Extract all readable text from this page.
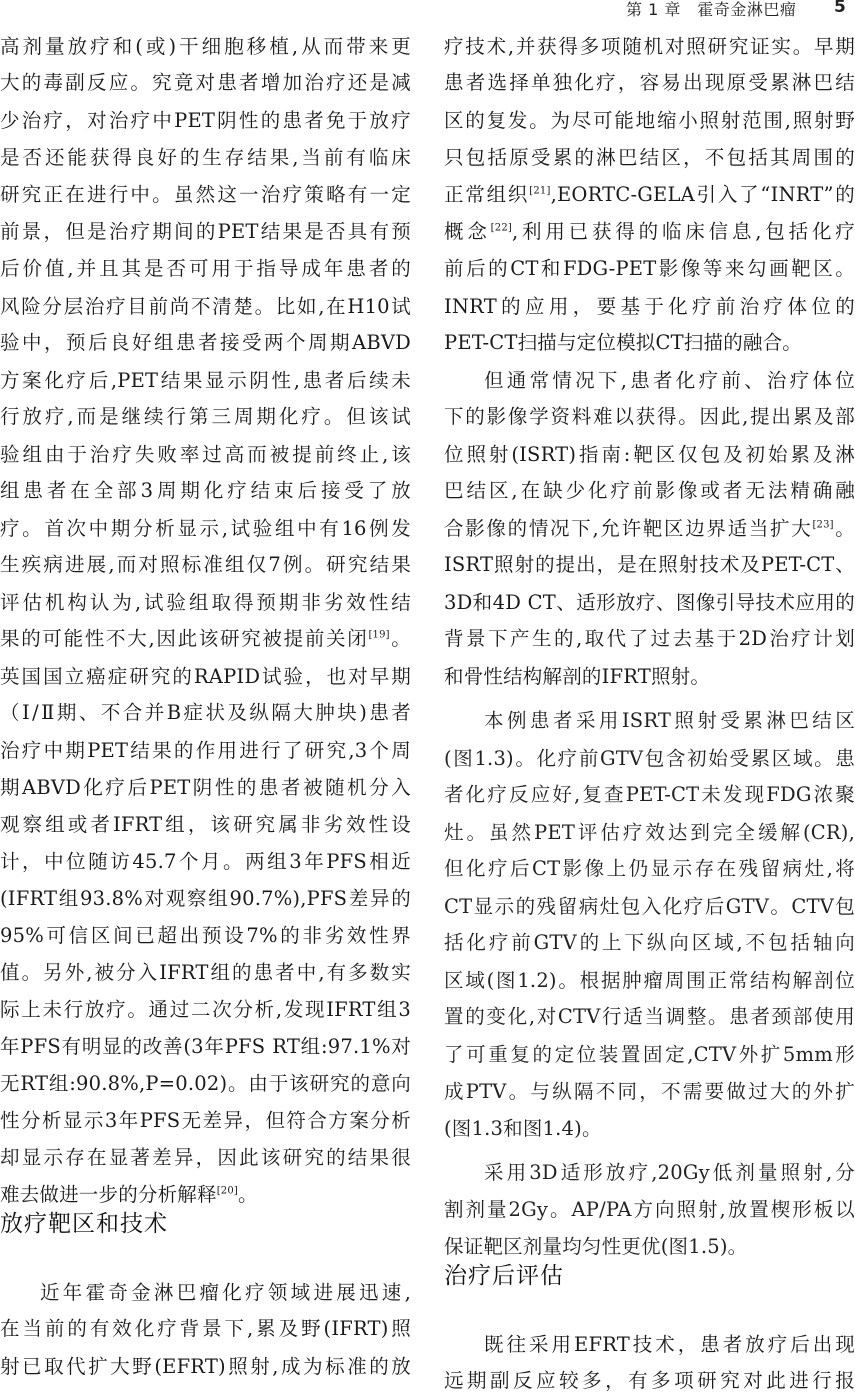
第 1 章　霍奇金淋巴瘤 5
高剂量放疗和(或)干细胞移植,从而带来更
大的毒副反应。究竟对患者增加治疗还是减
少治疗，对治疗中PET阴性的患者免于放疗
是否还能获得良好的生存结果,当前有临床
研究正在进行中。虽然这一治疗策略有一定
前景，但是治疗期间的PET结果是否具有预
后价值,并且其是否可用于指导成年患者的
风险分层治疗目前尚不清楚。比如,在H10试
验中，预后良好组患者接受两个周期ABVD
方案化疗后,PET结果显示阴性,患者后续未
行放疗,而是继续行第三周期化疗。但该试
验组由于治疗失败率过高而被提前终止,该
组患者在全部3周期化疗结束后接受了放
疗。首次中期分析显示,试验组中有16例发
生疾病进展,而对照标准组仅7例。研究结果
评估机构认为,试验组取得预期非劣效性结
果的可能性不大,因此该研究被提前关闭[19]。
英国国立癌症研究的RAPID试验，也对早期
（Ⅰ/Ⅱ期、不合并B症状及纵隔大肿块)患者
治疗中期PET结果的作用进行了研究,3个周
期ABVD化疗后PET阴性的患者被随机分入
观察组或者IFRT组，该研究属非劣效性设
计，中位随访45.7个月。两组3年PFS相近
(IFRT组93.8%对观察组90.7%),PFS差异的
95%可信区间已超出预设7%的非劣效性界
值。另外,被分入IFRT组的患者中,有多数实
际上未行放疗。通过二次分析,发现IFRT组3
年PFS有明显的改善(3年PFS RT组:97.1%对
无RT组:90.8%,P=0.02)。由于该研究的意向
性分析显示3年PFS无差异，但符合方案分析
却显示存在显著差异，因此该研究的结果很
难去做进一步的分析解释[20]。
放疗靶区和技术
近年霍奇金淋巴瘤化疗领域进展迅速,
在当前的有效化疗背景下,累及野(IFRT)照
射已取代扩大野(EFRT)照射,成为标准的放
疗技术,并获得多项随机对照研究证实。早期
患者选择单独化疗，容易出现原受累淋巴结
区的复发。为尽可能地缩小照射范围,照射野
只包括原受累的淋巴结区，不包括其周围的
正常组织[21],EORTC-GELA引入了“INRT”的
概念[22],利用已获得的临床信息,包括化疗
前后的CT和FDG-PET影像等来勾画靶区。
INRT的应用，要基于化疗前治疗体位的
PET-CT扫描与定位模拟CT扫描的融合。
但通常情况下,患者化疗前、治疗体位
下的影像学资料难以获得。因此,提出累及部
位照射(ISRT)指南:靶区仅包及初始累及淋
巴结区,在缺少化疗前影像或者无法精确融
合影像的情况下,允许靶区边界适当扩大[23]。
ISRT照射的提出，是在照射技术及PET-CT、
3D和4D CT、适形放疗、图像引导技术应用的
背景下产生的,取代了过去基于2D治疗计划
和骨性结构解剖的IFRT照射。
本例患者采用ISRT照射受累淋巴结区
(图1.3)。化疗前GTV包含初始受累区域。患
者化疗反应好,复查PET-CT未发现FDG浓聚
灶。虽然PET评估疗效达到完全缓解(CR),
但化疗后CT影像上仍显示存在残留病灶,将
CT显示的残留病灶包入化疗后GTV。CTV包
括化疗前GTV的上下纵向区域,不包括轴向
区域(图1.2)。根据肿瘤周围正常结构解剖位
置的变化,对CTV行适当调整。患者颈部使用
了可重复的定位装置固定,CTV外扩5mm形
成PTV。与纵隔不同，不需要做过大的外扩
(图1.3和图1.4)。
采用3D适形放疗,20Gy低剂量照射,分
割剂量2Gy。AP/PA方向照射,放置楔形板以
保证靶区剂量均匀性更优(图1.5)。
治疗后评估
既往采用EFRT技术，患者放疗后出现
远期副反应较多，有多项研究对此进行报
